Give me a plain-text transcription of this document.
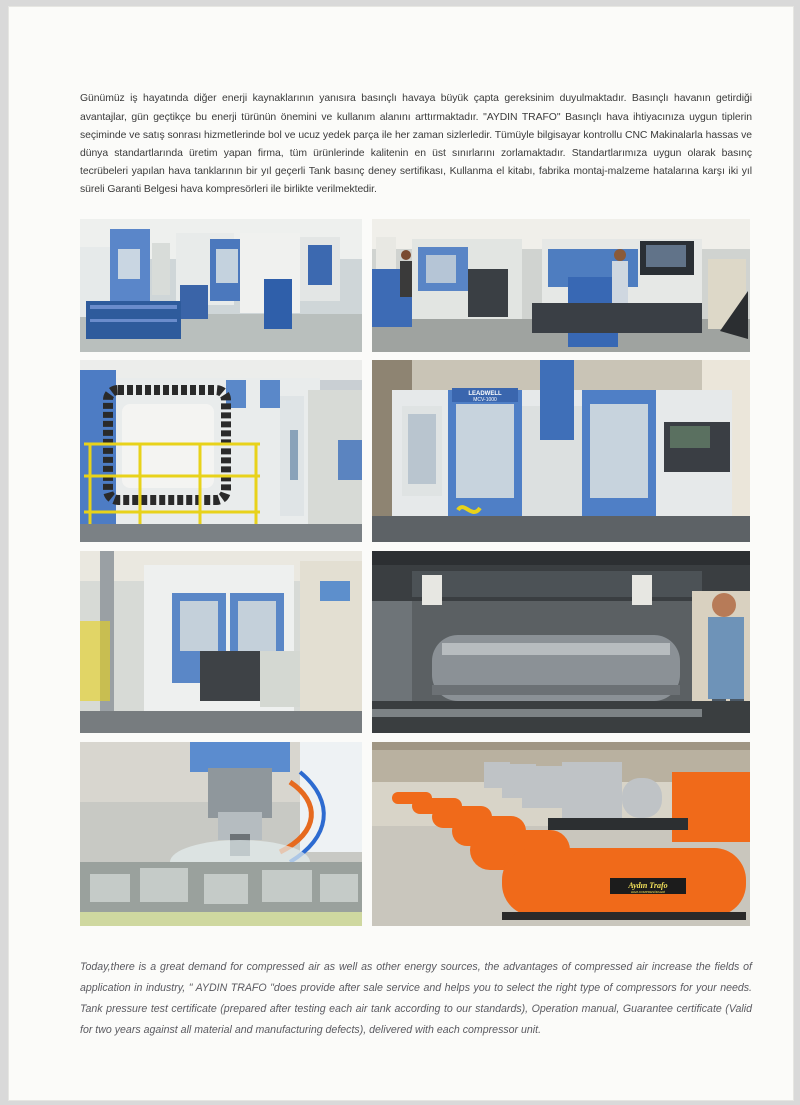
Günümüz iş hayatında diğer enerji kaynaklarının yanısıra basınçlı havaya büyük çapta gereksinim duyulmaktadır. Basınçlı havanın getirdiği avantajlar, gün geçtikçe bu enerji türünün önemini ve kullanım alanını arttırmaktadır. "AYDIN TRAFO" Basınçlı hava ihtiyacınıza uygun tiplerin seçiminde ve satış sonrası hizmetlerinde bol ve ucuz yedek parça ile her zaman sizlerledir. Tümüyle bilgisayar kontrollu CNC Makinalarla hassas ve dünya standartlarında üretim yapan firma, tüm ürünlerinde kalitenin en üst sınırlarını zorlamaktadır. Standartlarımıza uygun olarak basınç tecrübeleri yapılan hava tanklarının bir yıl geçerli Tank basınç deney sertifikası, Kullanma el kitabı, fabrika montaj-malzeme hatalarına karşı iki yıl süreli Garanti Belgesi hava kompresörleri ile birlikte verilmektedir.

LEADWELL
MCV-1000
Aydın Trafo
HAVA KOMPRESÖRLERİ

Today,there is a great demand for compressed air as well as other energy sources, the advantages of compressed air increase the fields of application in industry, " AYDIN TRAFO "does provide after sale service and helps you to select the right type of compressors for your needs. Tank pressure test certificate (prepared after testing each air tank according to our standards), Operation manual, Guarantee certificate (Valid for two years against all material and manufacturing defects), delivered with each compressor unit.
